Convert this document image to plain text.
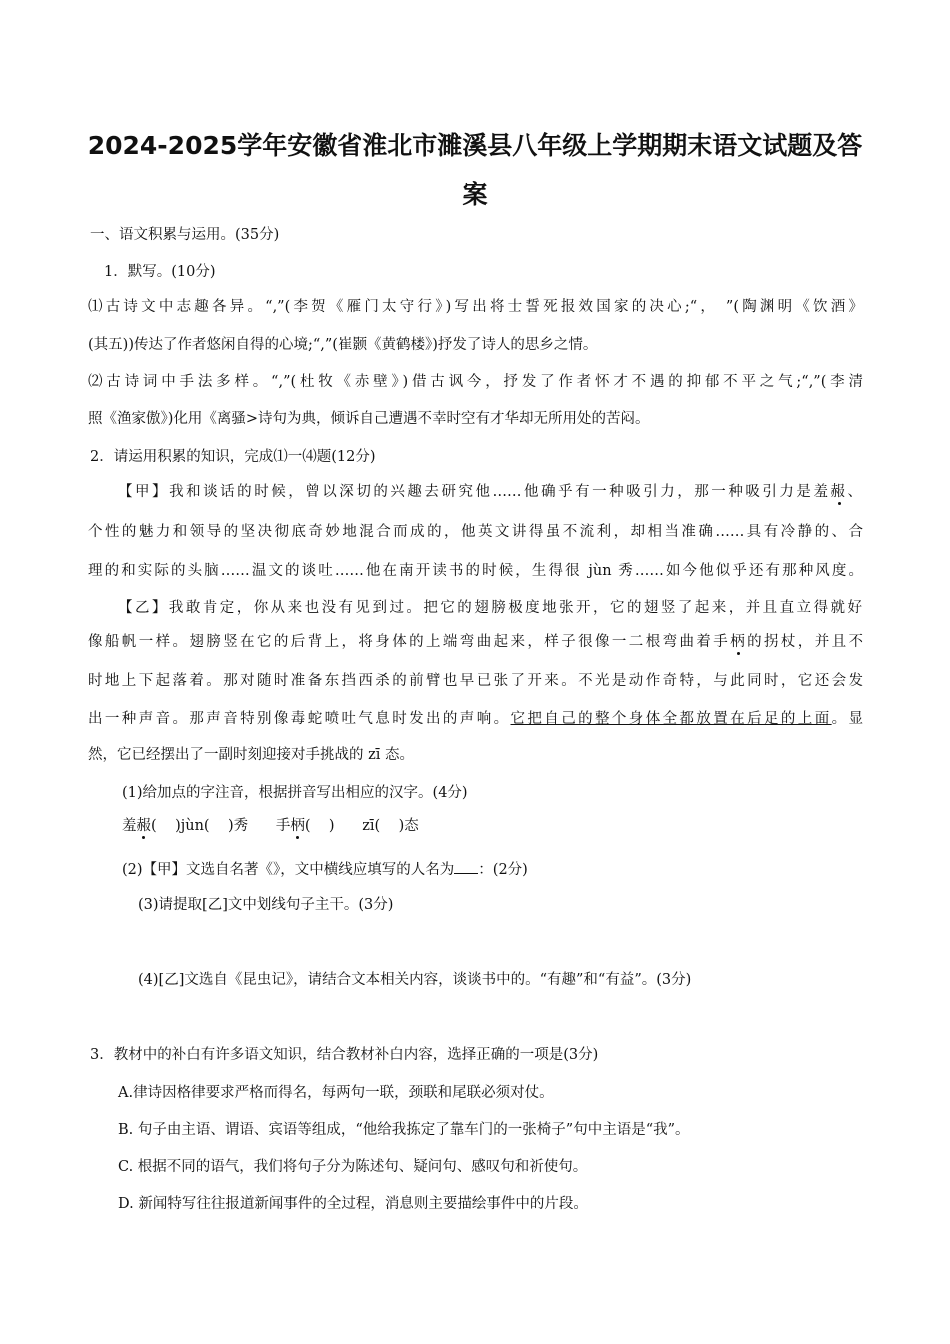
2024-2025学年安徽省淮北市濉溪县八年级上学期期末语文试题及答
案
一、语文积累与运用。(35分)
1．默写。(10分)
⑴古诗文中志趣各异。“,”(李贺《雁门太守行》)写出将士誓死报效国家的决心;“， ”(陶渊明《饮酒》
(其五))传达了作者悠闲自得的心境;“,”(崔颢《黄鹤楼》)抒发了诗人的思乡之情。
⑵古诗词中手法多样。“,”(杜牧《赤壁》)借古讽今，抒发了作者怀才不遇的抑郁不平之气;“,”(李清
照《渔家傲》)化用《离骚>诗句为典，倾诉自己遭遇不幸时空有才华却无所用处的苦闷。
2．请运用积累的知识，完成⑴一⑷题(12分)
【甲】我和谈话的时候，曾以深切的兴趣去研究他……他确乎有一种吸引力，那一种吸引力是羞赧、
个性的魅力和领导的坚决彻底奇妙地混合而成的，他英文讲得虽不流利，却相当准确……具有冷静的、合
理的和实际的头脑……温文的谈吐……他在南开读书的时候，生得很 jùn 秀……如今他似乎还有那种风度。
【乙】我敢肯定，你从来也没有见到过。把它的翅膀极度地张开，它的翅竖了起来，并且直立得就好
像船帆一样。翅膀竖在它的后背上，将身体的上端弯曲起来，样子很像一二根弯曲着手柄的拐杖，并且不
时地上下起落着。那对随时准备东挡西杀的前臂也早已张了开来。不光是动作奇特，与此同时，它还会发
出一种声音。那声音特别像毒蛇喷吐气息时发出的声响。它把自己的整个身体全都放置在后足的上面。显
然，它已经摆出了一副时刻迎接对手挑战的 zī 态。
(1)给加点的字注音，根据拼音写出相应的汉字。(4分)
羞赧(    )jùn(    )秀      手柄(    )      zī(    )态
(2)【甲】文选自名著《》，文中横线应填写的人名为 ：(2分)
(3)请提取[乙]文中划线句子主干。(3分)
(4)[乙]文选自《昆虫记》，请结合文本相关内容，谈谈书中的。“有趣”和“有益”。(3分)
3．教材中的补白有许多语文知识，结合教材补白内容，选择正确的一项是(3分)
A.律诗因格律要求严格而得名，每两句一联，颈联和尾联必须对仗。
B. 句子由主语、谓语、宾语等组成，“他给我拣定了靠车门的一张椅子”句中主语是“我”。
C. 根据不同的语气，我们将句子分为陈述句、疑问句、感叹句和祈使句。
D. 新闻特写往往报道新闻事件的全过程，消息则主要描绘事件中的片段。
